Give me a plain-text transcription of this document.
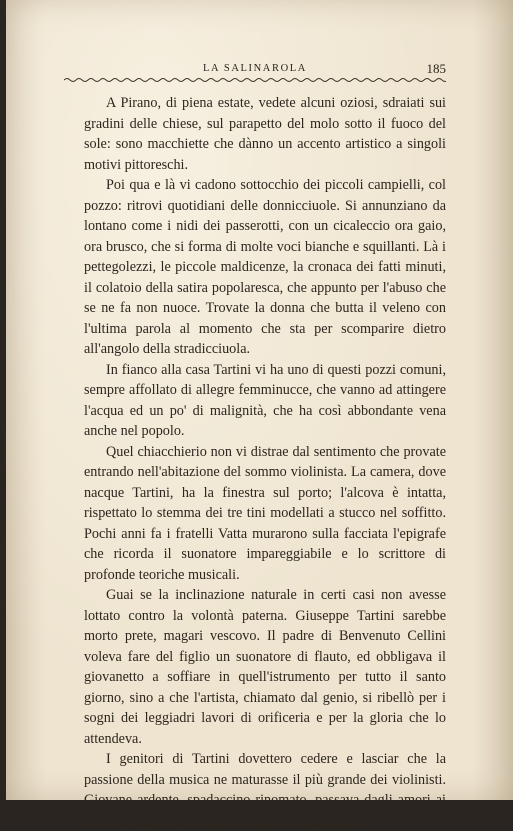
LA SALINAROLA	185

A Pirano, di piena estate, vedete alcuni oziosi, sdraiati sui gradini delle chiese, sul parapetto del molo sotto il fuoco del sole: sono macchiette che dànno un accento artistico a singoli motivi pittoreschi.

Poi qua e là vi cadono sottocchio dei piccoli campielli, col pozzo: ritrovi quotidiani delle donnicciuole. Si annunziano da lontano come i nidi dei passerotti, con un cicaleccio ora gaio, ora brusco, che si forma di molte voci bianche e squillanti. Là i pettegolezzi, le piccole maldicenze, la cronaca dei fatti minuti, il colatoio della satira popolaresca, che appunto per l'abuso che se ne fa non nuoce. Trovate la donna che butta il veleno con l'ultima parola al momento che sta per scomparire dietro all'angolo della stradicciuola.

In fianco alla casa Tartini vi ha uno di questi pozzi comuni, sempre affollato di allegre femminucce, che vanno ad attingere l'acqua ed un po' di malignità, che ha così abbondante vena anche nel popolo.

Quel chiacchierio non vi distrae dal sentimento che provate entrando nell'abitazione del sommo violinista. La camera, dove nacque Tartini, ha la finestra sul porto; l'alcova è intatta, rispettato lo stemma dei tre tini modellati a stucco nel soffitto. Pochi anni fa i fratelli Vatta murarono sulla facciata l'epigrafe che ricorda il suonatore impareggiabile e lo scrittore di profonde teoriche musicali.

Guai se la inclinazione naturale in certi casi non avesse lottato contro la volontà paterna. Giuseppe Tartini sarebbe morto prete, magari vescovo. Il padre di Benvenuto Cellini voleva fare del figlio un suonatore di flauto, ed obbligava il giovanetto a soffiare in quell'istrumento per tutto il santo giorno, sino a che l'artista, chiamato dal genio, si ribellò per i sogni dei leggiadri lavori di orificeria e per la gloria che lo attendeva.

I genitori di Tartini dovettero cedere e lasciar che la passione della musica ne maturasse il più grande dei violinisti. Giovane ardente, spadaccino rinomato, passava dagli amori ai duelli, trasportato dal turbine della vita parigina.
